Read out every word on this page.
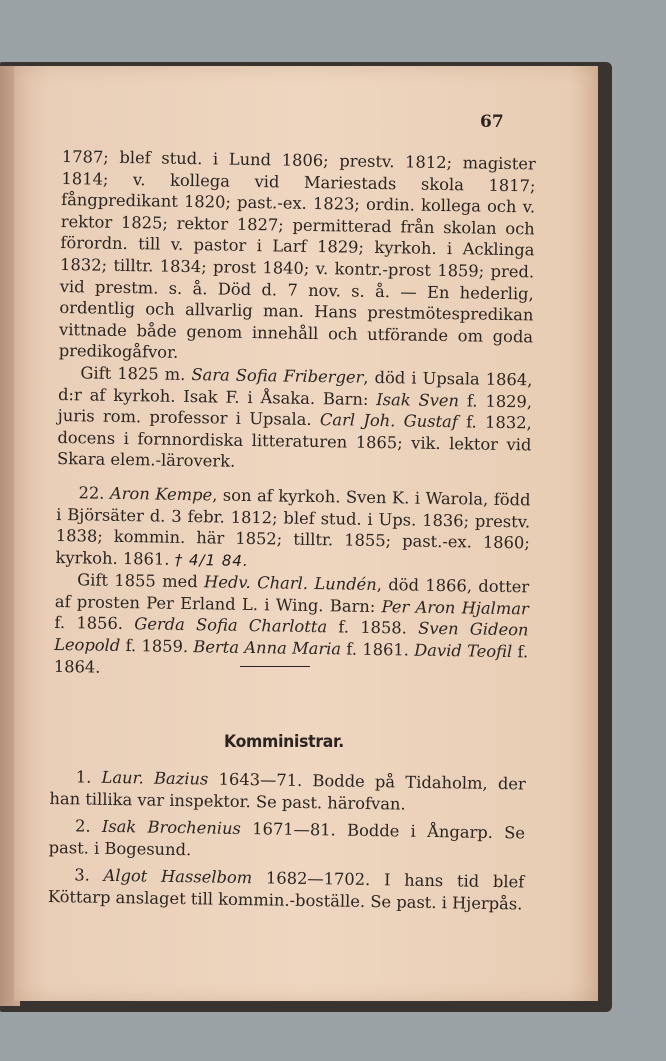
67

1787; blef stud. i Lund 1806; prestv. 1812; magister 1814; v. kollega vid Mariestads skola 1817; fångpredikant 1820; past.-ex. 1823; ordin. kollega och v. rektor 1825; rektor 1827; permitterad från skolan och förordn. till v. pastor i Larf 1829; kyrkoh. i Acklinga 1832; tilltr. 1834; prost 1840; v. kontr.-prost 1859; pred. vid prestm. s. å. Död d. 7 nov. s. å. — En hederlig, ordentlig och allvarlig man. Hans prestmötespredikan vittnade både genom innehåll och utförande om goda predikogåfvor.

Gift 1825 m. Sara Sofia Friberger, död i Upsala 1864, d:r af kyrkoh. Isak F. i Åsaka. Barn: Isak Sven f. 1829, juris rom. professor i Upsala. Carl Joh. Gustaf f. 1832, docens i fornnordiska litteraturen 1865; vik. lektor vid Skara elem.-läroverk.

22. Aron Kempe, son af kyrkoh. Sven K. i Warola, född i Björsäter d. 3 febr. 1812; blef stud. i Ups. 1836; prestv. 1838; kommin. här 1852; tilltr. 1855; past.-ex. 1860; kyrkoh. 1861. † 4/1 84.

Gift 1855 med Hedv. Charl. Lundén, död 1866, dotter af prosten Per Erland L. i Wing. Barn: Per Aron Hjalmar f. 1856. Gerda Sofia Charlotta f. 1858. Sven Gideon Leopold f. 1859. Berta Anna Maria f. 1861. David Teofil f. 1864.

Komministrar.

1. Laur. Bazius 1643—71. Bodde på Tidaholm, der han tillika var inspektor. Se past. härofvan.

2. Isak Brochenius 1671—81. Bodde i Ångarp. Se past. i Bogesund.

3. Algot Hasselbom 1682—1702. I hans tid blef Köttarp anslaget till kommin.-boställe. Se past. i Hjerpås.
